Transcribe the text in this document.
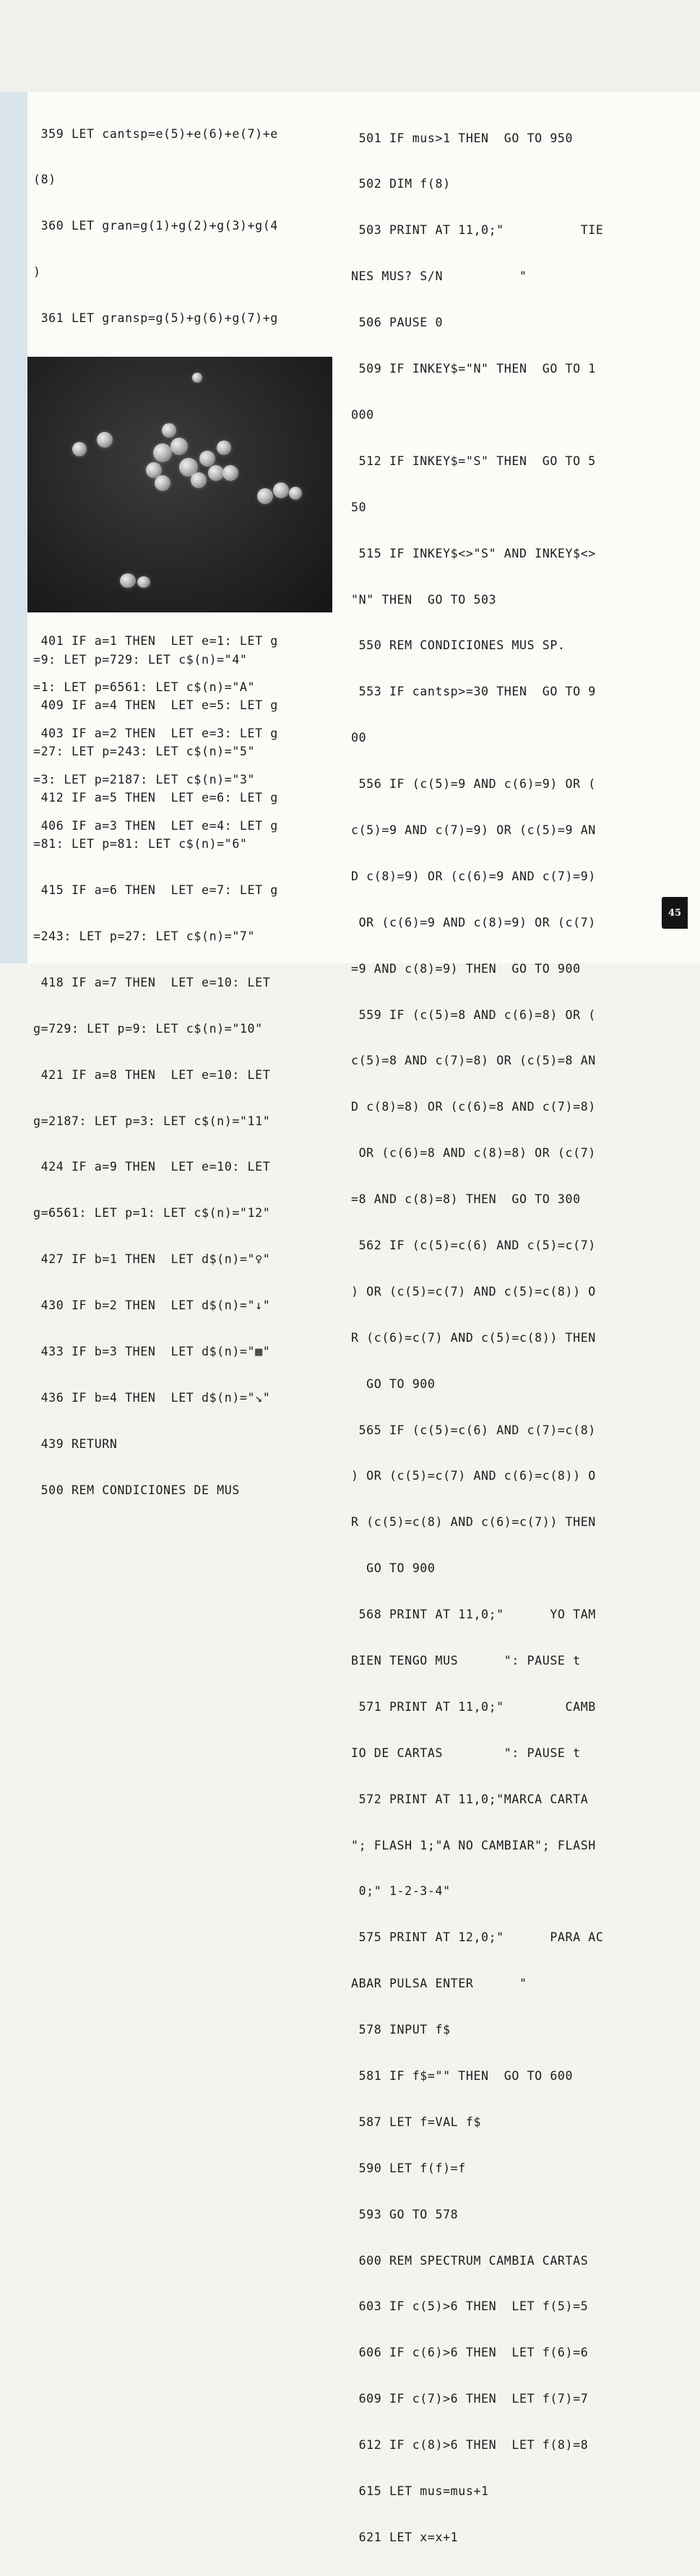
359 LET cantsp=e(5)+e(6)+e(7)+e

(8)

360 LET gran=g(1)+g(2)+g(3)+g(4

)

361 LET gransp=g(5)+g(6)+g(7)+g

401 IF a=1 THEN  LET e=1: LET g

=1: LET p=6561: LET c$(n)="A"

403 IF a=2 THEN  LET e=3: LET g

=3: LET p=2187: LET c$(n)="3"

406 IF a=3 THEN  LET e=4: LET g

=9: LET p=729: LET c$(n)="4"

409 IF a=4 THEN  LET e=5: LET g

=27: LET p=243: LET c$(n)="5"

412 IF a=5 THEN  LET e=6: LET g

=81: LET p=81: LET c$(n)="6"

415 IF a=6 THEN  LET e=7: LET g

=243: LET p=27: LET c$(n)="7"

418 IF a=7 THEN  LET e=10: LET

g=729: LET p=9: LET c$(n)="10"

421 IF a=8 THEN  LET e=10: LET

g=2187: LET p=3: LET c$(n)="11"

424 IF a=9 THEN  LET e=10: LET

g=6561: LET p=1: LET c$(n)="12"

427 IF b=1 THEN  LET d$(n)="♀"

430 IF b=2 THEN  LET d$(n)="↓"

433 IF b=3 THEN  LET d$(n)="▦"

436 IF b=4 THEN  LET d$(n)="↘"

439 RETURN

500 REM CONDICIONES DE MUS

501 IF mus>1 THEN  GO TO 950

502 DIM f(8)

503 PRINT AT 11,0;"          TIE

NES MUS? S/N          "

506 PAUSE 0

509 IF INKEY$="N" THEN  GO TO 1

000

512 IF INKEY$="S" THEN  GO TO 5

50

515 IF INKEY$<>"S" AND INKEY$<>

"N" THEN  GO TO 503

550 REM CONDICIONES MUS SP.

553 IF cantsp>=30 THEN  GO TO 9

00

556 IF (c(5)=9 AND c(6)=9) OR (

c(5)=9 AND c(7)=9) OR (c(5)=9 AN

D c(8)=9) OR (c(6)=9 AND c(7)=9)

OR (c(6)=9 AND c(8)=9) OR (c(7)

=9 AND c(8)=9) THEN  GO TO 900

559 IF (c(5)=8 AND c(6)=8) OR (

c(5)=8 AND c(7)=8) OR (c(5)=8 AN

D c(8)=8) OR (c(6)=8 AND c(7)=8)

OR (c(6)=8 AND c(8)=8) OR (c(7)

=8 AND c(8)=8) THEN  GO TO 300

562 IF (c(5)=c(6) AND c(5)=c(7)

) OR (c(5)=c(7) AND c(5)=c(8)) O

R (c(6)=c(7) AND c(5)=c(8)) THEN

GO TO 900

565 IF (c(5)=c(6) AND c(7)=c(8)

) OR (c(5)=c(7) AND c(6)=c(8)) O

R (c(5)=c(8) AND c(6)=c(7)) THEN

GO TO 900

568 PRINT AT 11,0;"      YO TAM

BIEN TENGO MUS      ": PAUSE t

571 PRINT AT 11,0;"        CAMB

IO DE CARTAS        ": PAUSE t

572 PRINT AT 11,0;"MARCA CARTA

"; FLASH 1;"A NO CAMBIAR"; FLASH

0;" 1-2-3-4"

575 PRINT AT 12,0;"      PARA AC

ABAR PULSA ENTER      "

578 INPUT f$

581 IF f$="" THEN  GO TO 600

587 LET f=VAL f$

590 LET f(f)=f

593 GO TO 578

600 REM SPECTRUM CAMBIA CARTAS

603 IF c(5)>6 THEN  LET f(5)=5

606 IF c(6)>6 THEN  LET f(6)=6

609 IF c(7)>6 THEN  LET f(7)=7

612 IF c(8)>6 THEN  LET f(8)=8

615 LET mus=mus+1

621 LET x=x+1

45
